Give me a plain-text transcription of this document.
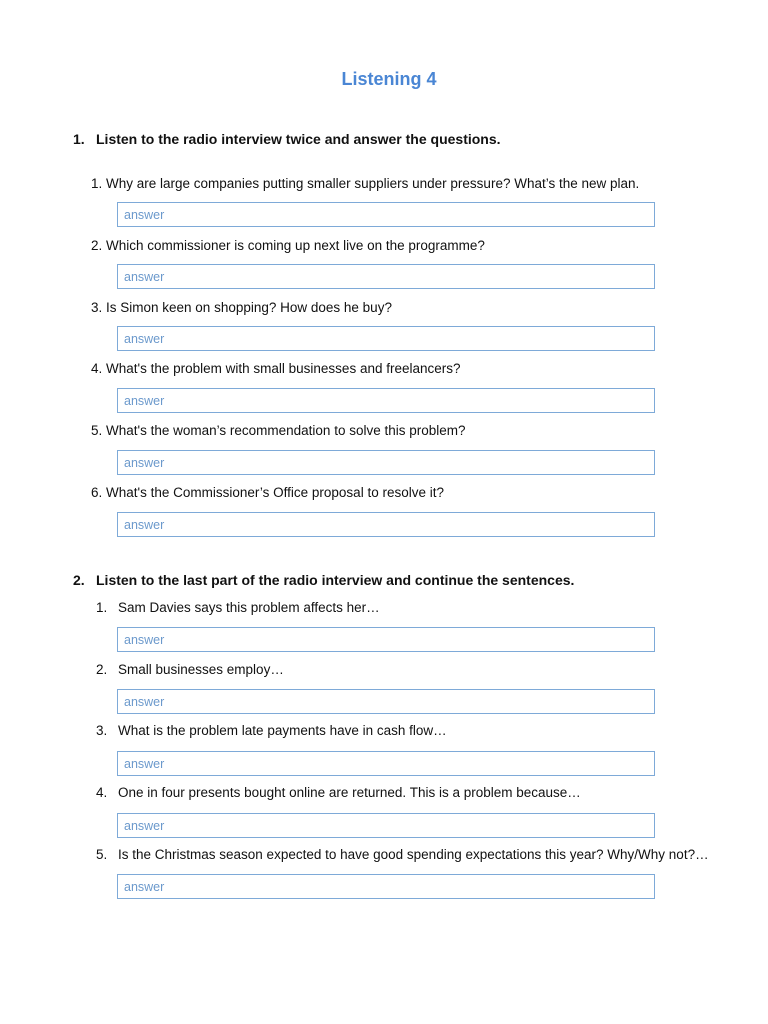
Listening 4
1. Listen to the radio interview twice and answer the questions.
1. Why are large companies putting smaller suppliers under pressure? What’s the new plan.
answer
2. Which commissioner is coming up next live on the programme?
answer
3. Is Simon keen on shopping? How does he buy?
answer
4. What's the problem with small businesses and freelancers?
answer
5. What's the woman’s recommendation to solve this problem?
answer
6. What's the Commissioner’s Office proposal to resolve it?
answer
2. Listen to the last part of the radio interview and continue the sentences.
1. Sam Davies says this problem affects her…
answer
2. Small businesses employ…
answer
3. What is the problem late payments have in cash flow…
answer
4. One in four presents bought online are returned. This is a problem because…
answer
5. Is the Christmas season expected to have good spending expectations this year? Why/Why not?…
answer
